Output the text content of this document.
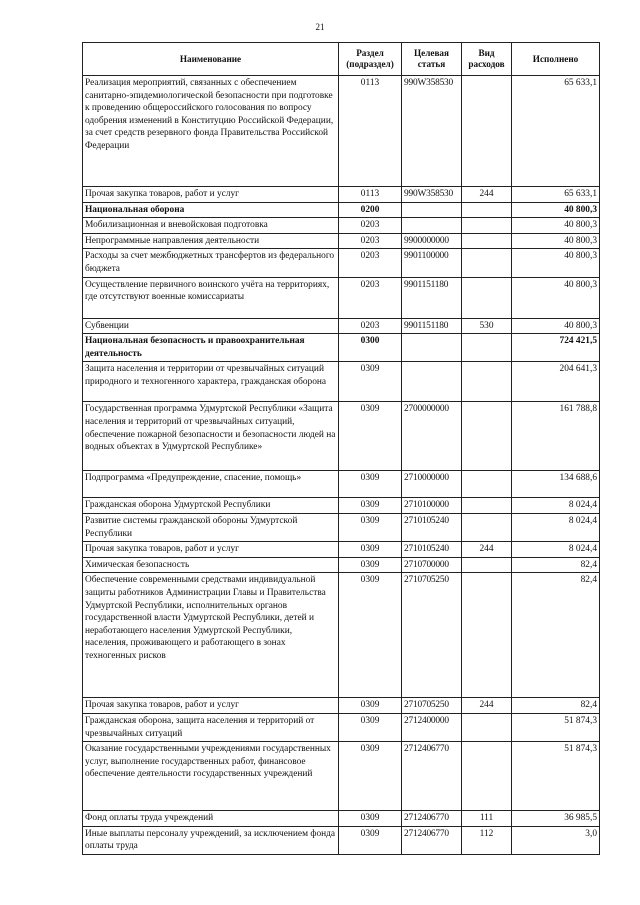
21
Наименование	Раздел (подраздел)	Целевая статья	Вид расходов	Исполнено
Реализация мероприятий, связанных с обеспечением санитарно-эпидемиологической безопасности при подготовке к проведению общероссийского голосования по вопросу одобрения изменений в Конституцию Российской Федерации, за счет средств резервного фонда Правительства Российской Федерации	0113	990W358530		65 633,1
Прочая закупка товаров, работ и услуг	0113	990W358530	244	65 633,1
Национальная оборона	0200			40 800,3
Мобилизационная и вневойсковая подготовка	0203			40 800,3
Непрограммные направления деятельности	0203	9900000000		40 800,3
Расходы за счет межбюджетных трансфертов из федерального бюджета	0203	9901100000		40 800,3
Осуществление первичного воинского учёта на территориях, где отсутствуют военные комиссариаты	0203	9901151180		40 800,3
Субвенции	0203	9901151180	530	40 800,3
Национальная безопасность и правоохранительная деятельность	0300			724 421,5
Защита населения и территории от чрезвычайных ситуаций природного и техногенного характера, гражданская оборона	0309			204 641,3
Государственная программа Удмуртской Республики «Защита населения и территорий от чрезвычайных ситуаций, обеспечение пожарной безопасности и безопасности людей на водных объектах в Удмуртской Республике»	0309	2700000000		161 788,8
Подпрограмма «Предупреждение, спасение, помощь»	0309	2710000000		134 688,6
Гражданская оборона Удмуртской Республики	0309	2710100000		8 024,4
Развитие системы гражданской обороны Удмуртской Республики	0309	2710105240		8 024,4
Прочая закупка товаров, работ и услуг	0309	2710105240	244	8 024,4
Химическая безопасность	0309	2710700000		82,4
Обеспечение современными средствами индивидуальной защиты работников Администрации Главы и Правительства Удмуртской Республики, исполнительных органов государственной власти Удмуртской Республики, детей и неработающего населения Удмуртской Республики, населения, проживающего и работающего в зонах техногенных рисков	0309	2710705250		82,4
Прочая закупка товаров, работ и услуг	0309	2710705250	244	82,4
Гражданская оборона, защита населения и территорий от чрезвычайных ситуаций	0309	2712400000		51 874,3
Оказание государственными учреждениями государственных услуг, выполнение государственных работ, финансовое обеспечение деятельности государственных учреждений	0309	2712406770		51 874,3
Фонд оплаты труда учреждений	0309	2712406770	111	36 985,5
Иные выплаты персоналу учреждений, за исключением фонда оплаты труда	0309	2712406770	112	3,0
